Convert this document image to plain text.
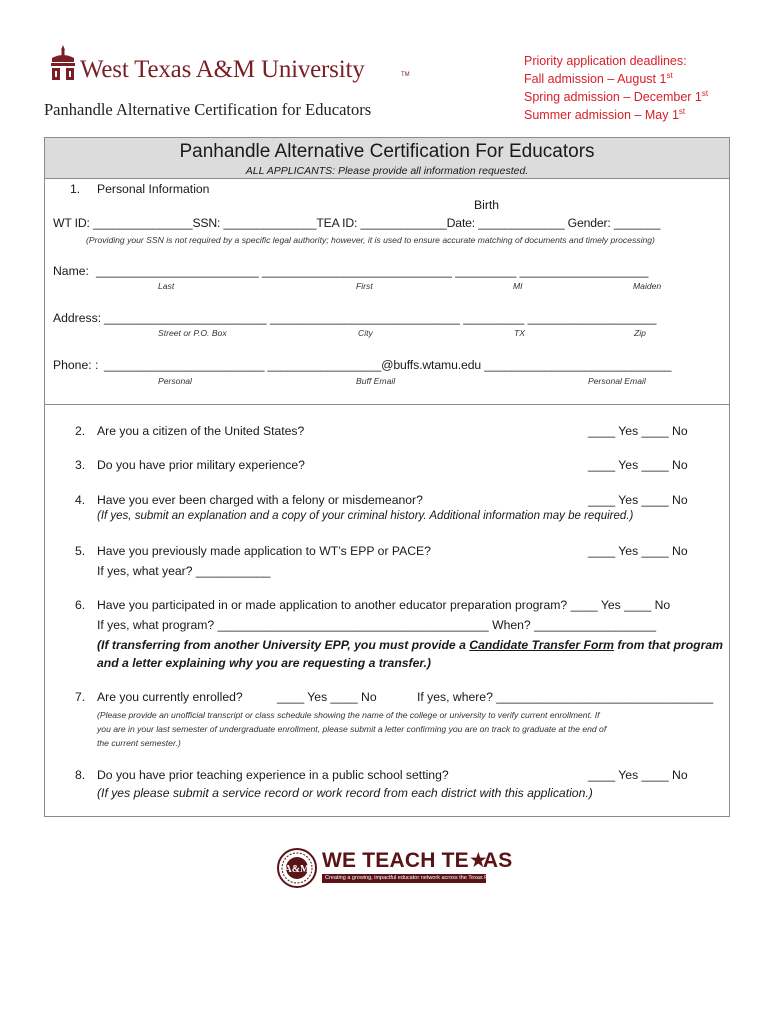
West Texas A&M University	TM
Panhandle Alternative Certification for Educators
Priority application deadlines:
Fall admission – August 1st
Spring admission – December 1st
Summer admission – May 1st
Panhandle Alternative Certification For Educators
ALL APPLICANTS: Please provide all information requested.
1. Personal Information
Birth
WT ID: _______________SSN: ______________TEA ID: _____________Date: _____________ Gender: _______
(Providing your SSN is not required by a specific legal authority; however, it is used to ensure accurate matching of documents and timely processing)
Name: ________________________ ____________________________ _________ ___________________
Last	First	MI	Maiden
Address: ________________________ ____________________________ _________ ___________________
Street or P.O. Box	City	TX	Zip
Phone: : ________________________ _________________@buffs.wtamu.edu ____________________________
Personal	Buff Email	Personal Email
2. Are you a citizen of the United States?	____ Yes ____ No
3. Do you have prior military experience?	____ Yes ____ No
4. Have you ever been charged with a felony or misdemeanor?	____ Yes ____ No
(If yes, submit an explanation and a copy of your criminal history. Additional information may be required.)
5. Have you previously made application to WT’s EPP or PACE?	____ Yes ____ No
If yes, what year? ___________
6. Have you participated in or made application to another educator preparation program? ____ Yes ____ No
If yes, what program? ________________________________________ When? __________________
(If transferring from another University EPP, you must provide a Candidate Transfer Form from that program
and a letter explaining why you are requesting a transfer.)
7. Are you currently enrolled?	____ Yes ____ No	If yes, where? ________________________________
(Please provide an unofficial transcript or class schedule showing the name of the college or university to verify current enrollment. If
you are in your last semester of undergraduate enrollment, please submit a letter confirming you are on track to graduate at the end of
the current semester.)
8. Do you have prior teaching experience in a public school setting?	____ Yes ____ No
(If yes please submit a service record or work record from each district with this application.)
A&M WE TEACH TE★AS
Creating a growing, impactful educator network across the Texas Panhandle
